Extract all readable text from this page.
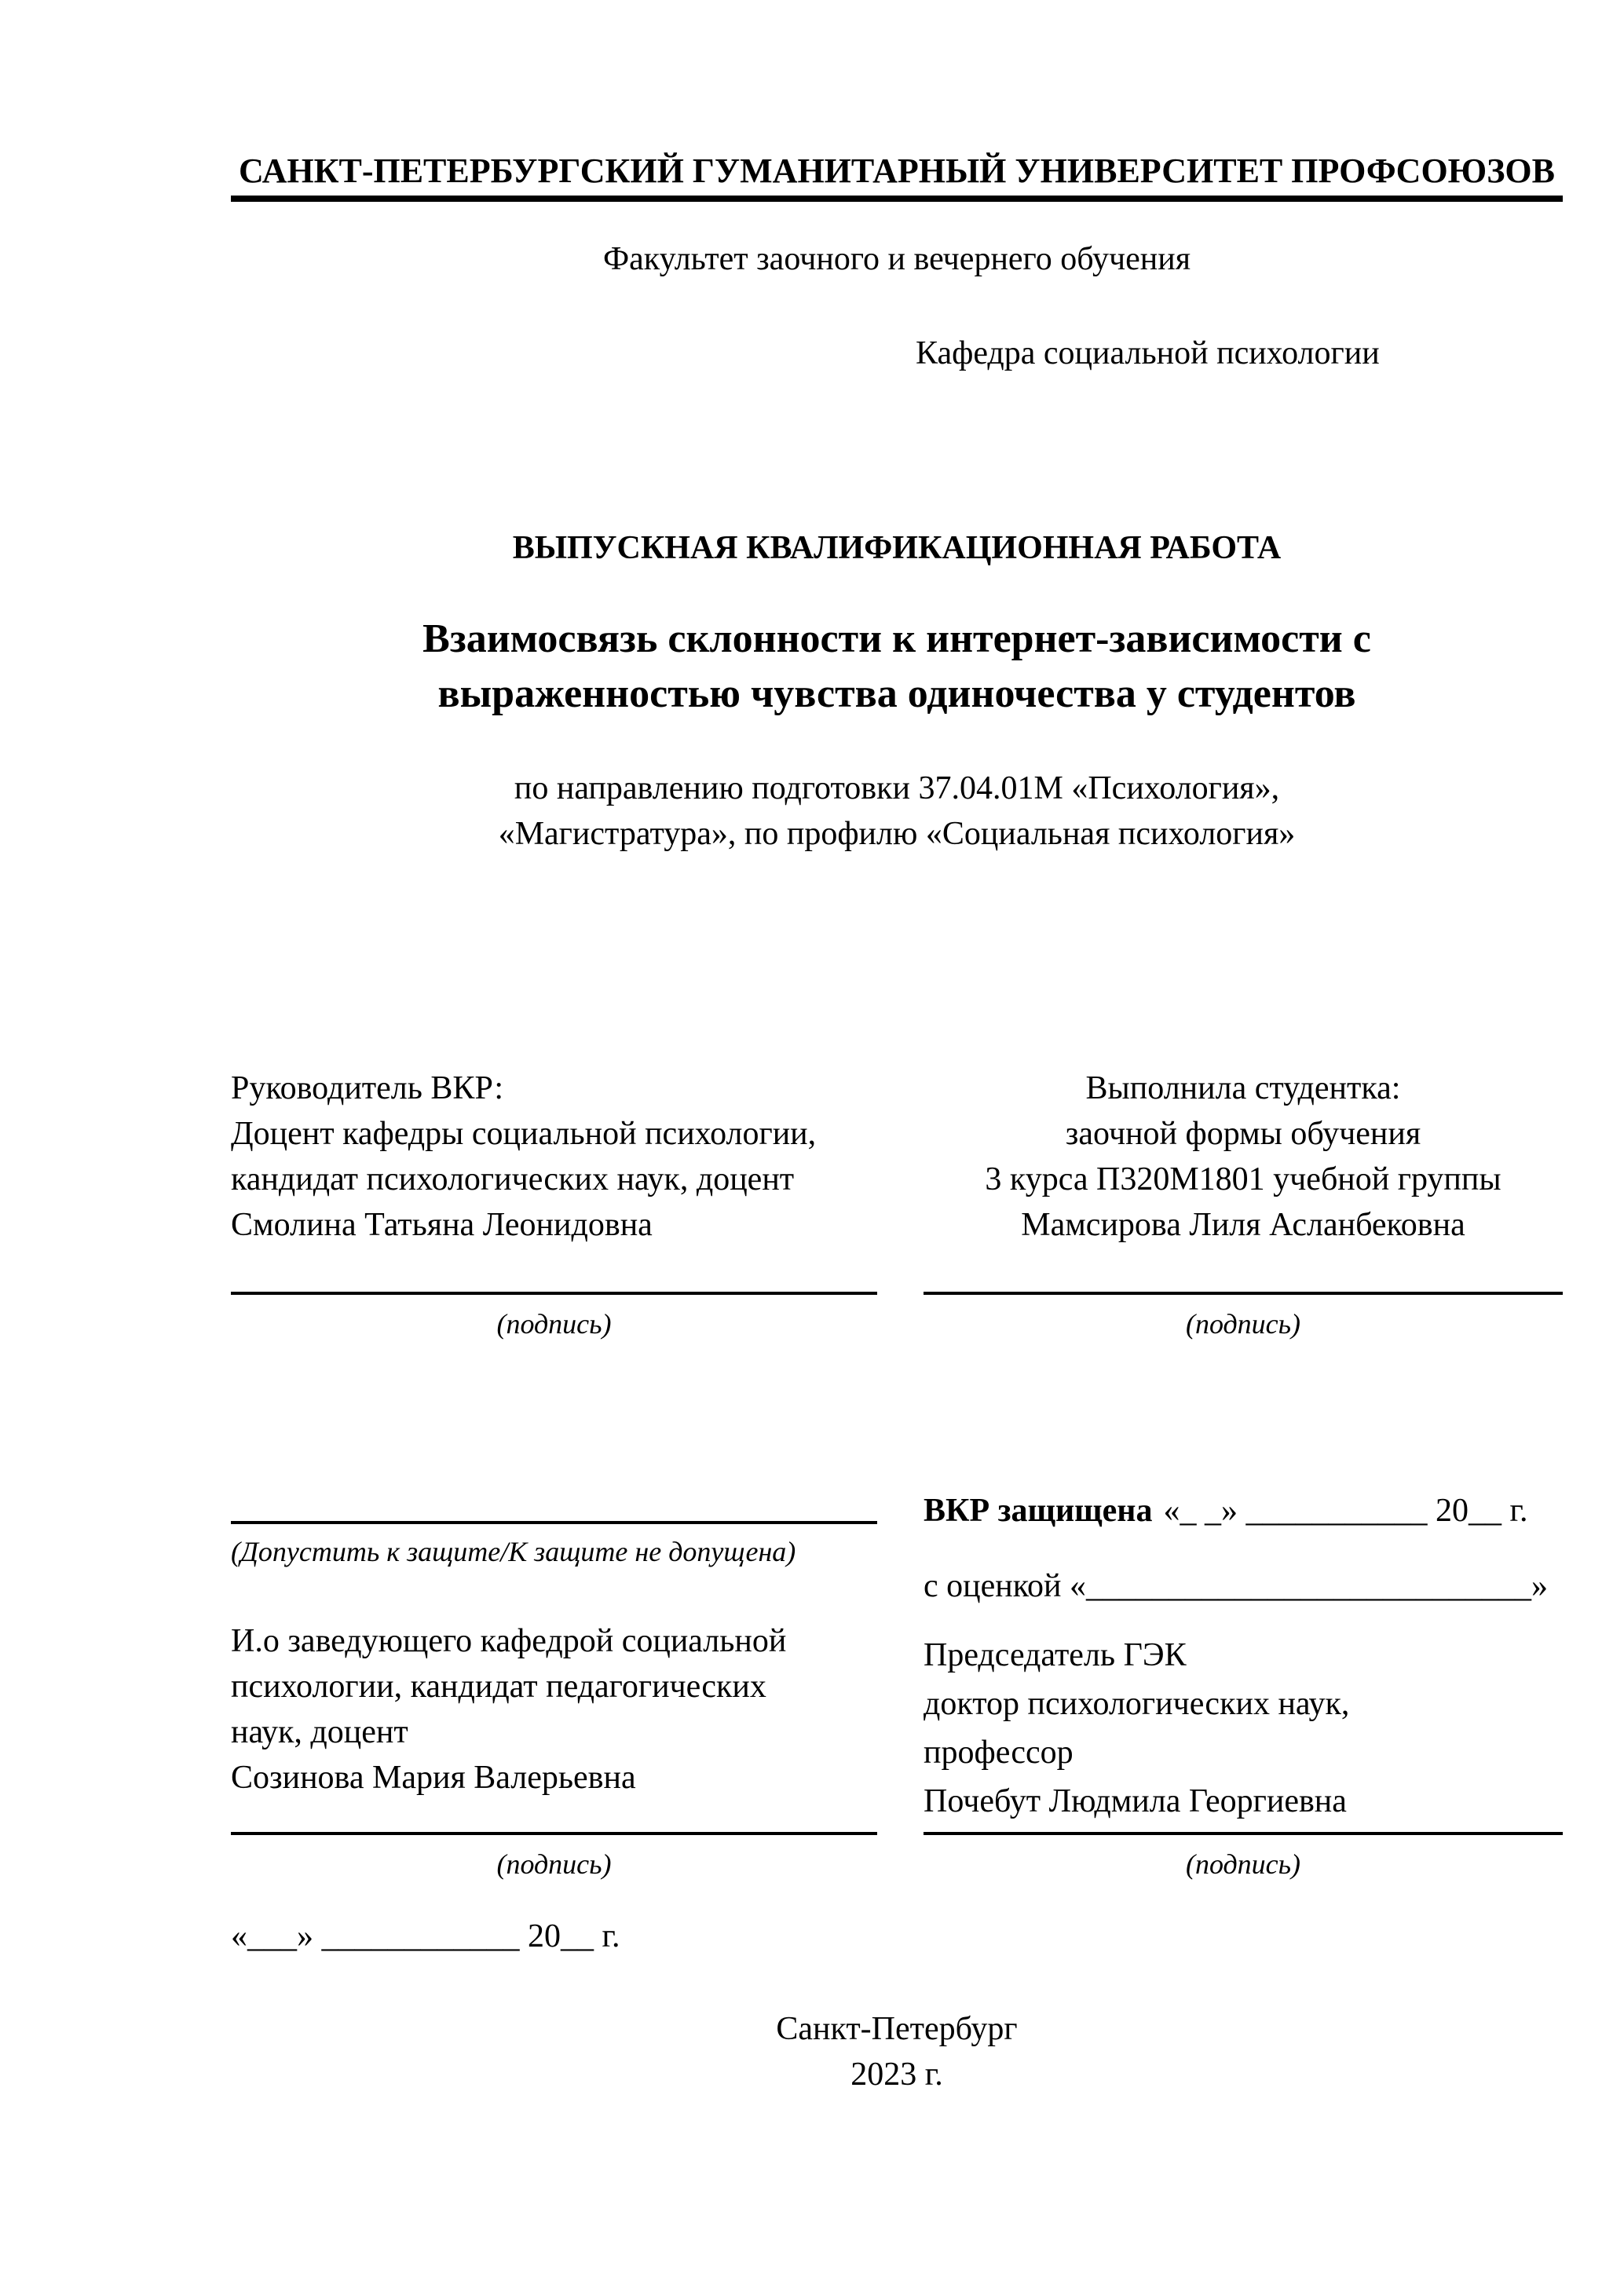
САНКТ-ПЕТЕРБУРГСКИЙ ГУМАНИТАРНЫЙ УНИВЕРСИТЕТ ПРОФСОЮЗОВ
Факультет заочного и вечернего обучения
Кафедра социальной психологии
ВЫПУСКНАЯ КВАЛИФИКАЦИОННАЯ РАБОТА
Взаимосвязь склонности к интернет-зависимости с
выраженностью чувства одиночества у студентов
по направлению подготовки 37.04.01М «Психология»,
«Магистратура», по профилю «Социальная психология»
Руководитель ВКР:
Доцент кафедры социальной психологии,
кандидат психологических наук, доцент
Смолина Татьяна Леонидовна
(подпись)
Выполнила студентка:
заочной формы обучения
3 курса П320М1801 учебной группы
Мамсирова Лиля Асланбековна
(подпись)
(Допустить к защите/К защите не допущена)
И.о заведующего кафедрой социальной
психологии, кандидат педагогических
наук, доцент
Созинова Мария Валерьевна
ВКР защищена «_ _» ___________ 20__ г.
с оценкой «___________________________»
Председатель ГЭК
доктор психологических наук,
профессор
Почебут Людмила Георгиевна
(подпись)
«___» ____________ 20__ г.
(подпись)
Санкт-Петербург
2023 г.
